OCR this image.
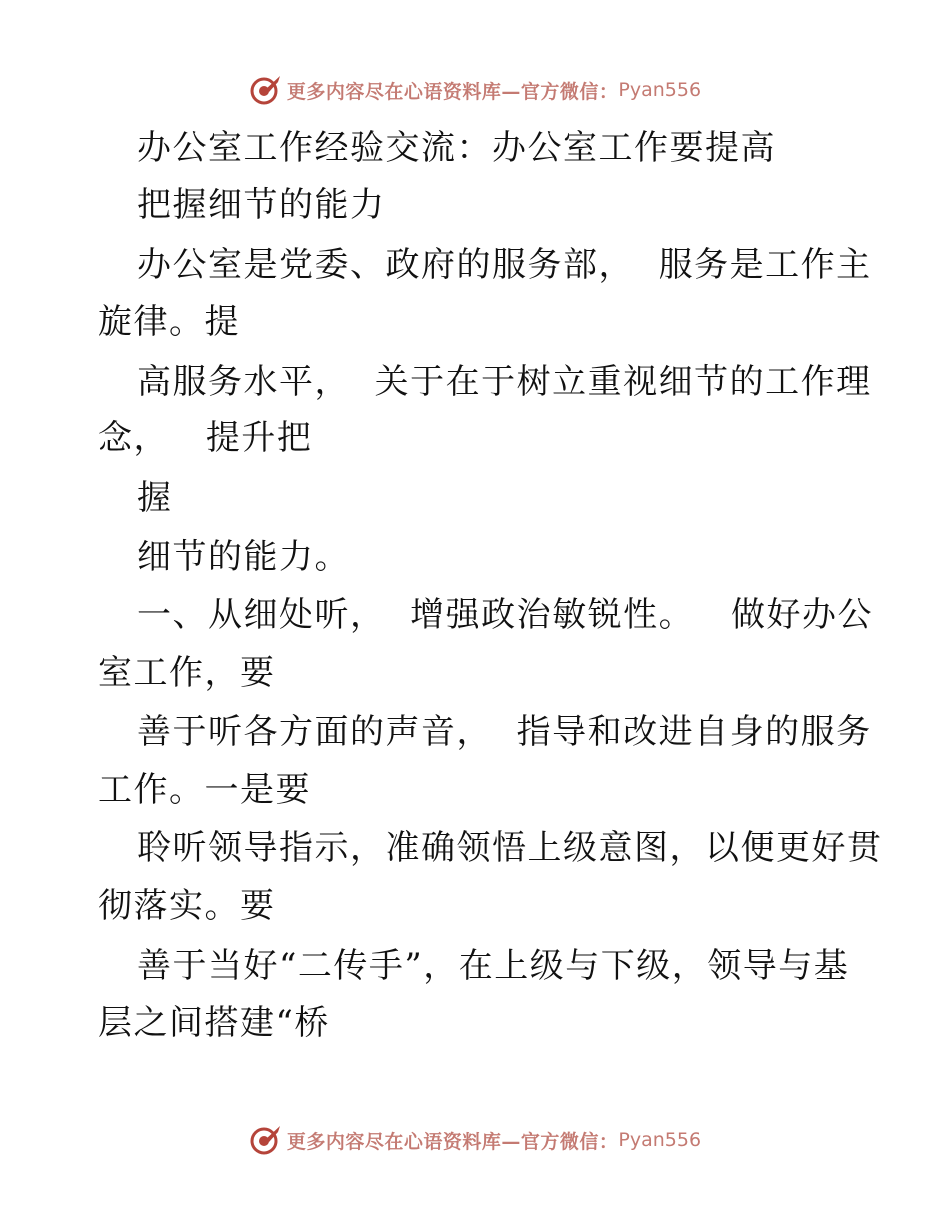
更多内容尽在心语资料库—官方微信： Pyan556
办公室工作经验交流：办公室工作要提高
把握细节的能力
办公室是党委、政府的服务部，  服务是工作主
旋律。提
高服务水平，  关于在于树立重视细节的工作理
念，   提升把
握
细节的能力。
一、从细处听，  增强政治敏锐性。   做好办公
室工作，要
善于听各方面的声音，  指导和改进自身的服务
工作。一是要
聆听领导指示，准确领悟上级意图，以便更好贯
彻落实。要
善于当好“二传手”，在上级与下级，领导与基
层之间搭建“桥
更多内容尽在心语资料库—官方微信： Pyan556
